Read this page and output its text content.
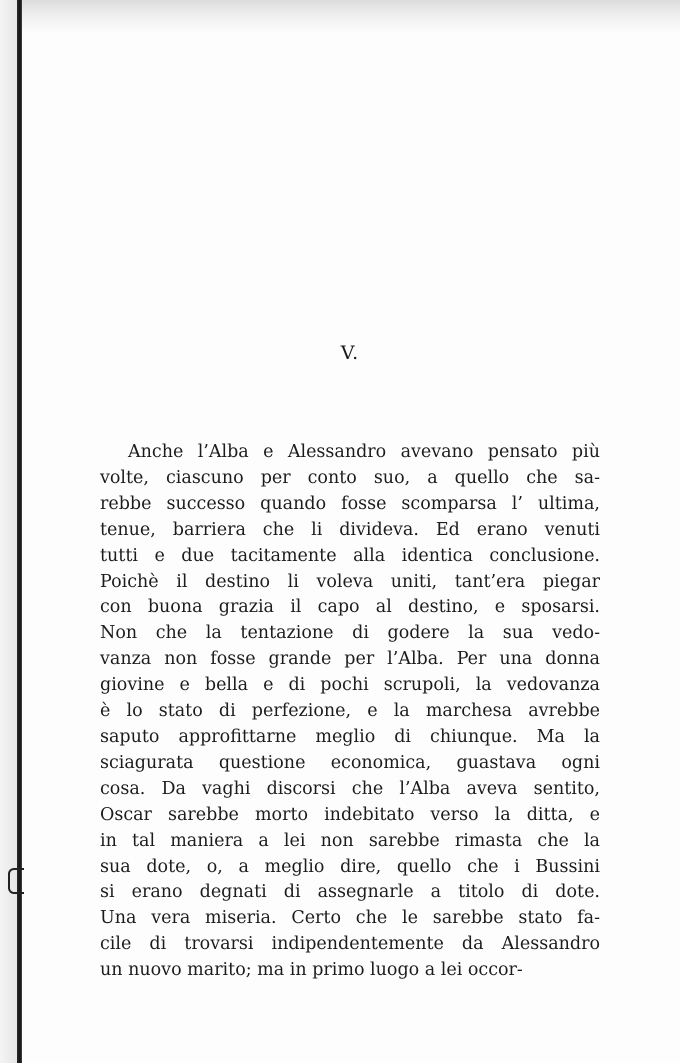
V.
Anche l’Alba e Alessandro avevano pensato più
volte, ciascuno per conto suo, a quello che sa-
rebbe successo quando fosse scomparsa l’ ultima,
tenue, barriera che li divideva. Ed erano venuti
tutti e due tacitamente alla identica conclusione.
Poichè il destino li voleva uniti, tant’era piegar
con buona grazia il capo al destino, e sposarsi.
Non che la tentazione di godere la sua vedo-
vanza non fosse grande per l’Alba. Per una donna
giovine e bella e di pochi scrupoli, la vedovanza
è lo stato di perfezione, e la marchesa avrebbe
saputo approfittarne meglio di chiunque. Ma la
sciagurata questione economica, guastava ogni
cosa. Da vaghi discorsi che l’Alba aveva sentito,
Oscar sarebbe morto indebitato verso la ditta, e
in tal maniera a lei non sarebbe rimasta che la
sua dote, o, a meglio dire, quello che i Bussini
si erano degnati di assegnarle a titolo di dote.
Una vera miseria. Certo che le sarebbe stato fa-
cile di trovarsi indipendentemente da Alessandro
un nuovo marito; ma in primo luogo a lei occor-
